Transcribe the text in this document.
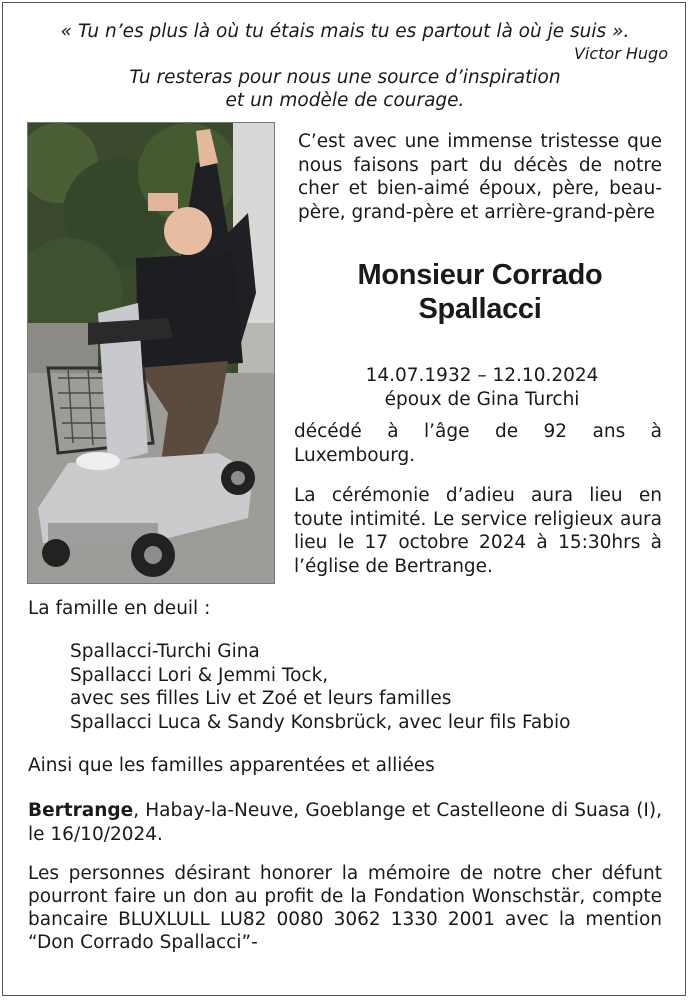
« Tu n’es plus là où tu étais mais tu es partout là où je suis ».
Victor Hugo
Tu resteras pour nous une source d’inspiration
et un modèle de courage.
C’est avec une immense tristesse que nous faisons part du décès de notre cher et bien-aimé époux, père, beau-père, grand-père et arrière-grand-père
Monsieur Corrado
Spallacci
14.07.1932 – 12.10.2024
époux de Gina Turchi
décédé à l’âge de 92 ans à Luxembourg.
La cérémonie d’adieu aura lieu en toute intimité. Le service religieux aura lieu le 17 octobre 2024 à 15:30hrs à l’église de Bertrange.
La famille en deuil :
Spallacci-Turchi Gina
Spallacci Lori & Jemmi Tock,
avec ses filles Liv et Zoé et leurs familles
Spallacci Luca & Sandy Konsbrück, avec leur fils Fabio
Ainsi que les familles apparentées et alliées
Bertrange, Habay-la-Neuve, Goeblange et Castelleone di Suasa (I), le 16/10/2024.
Les personnes désirant honorer la mémoire de notre cher défunt pourront faire un don au profit de la Fondation Wonschstär, compte bancaire BLUXLULL LU82 0080 3062 1330 2001 avec la mention “Don Corrado Spallacci”-
